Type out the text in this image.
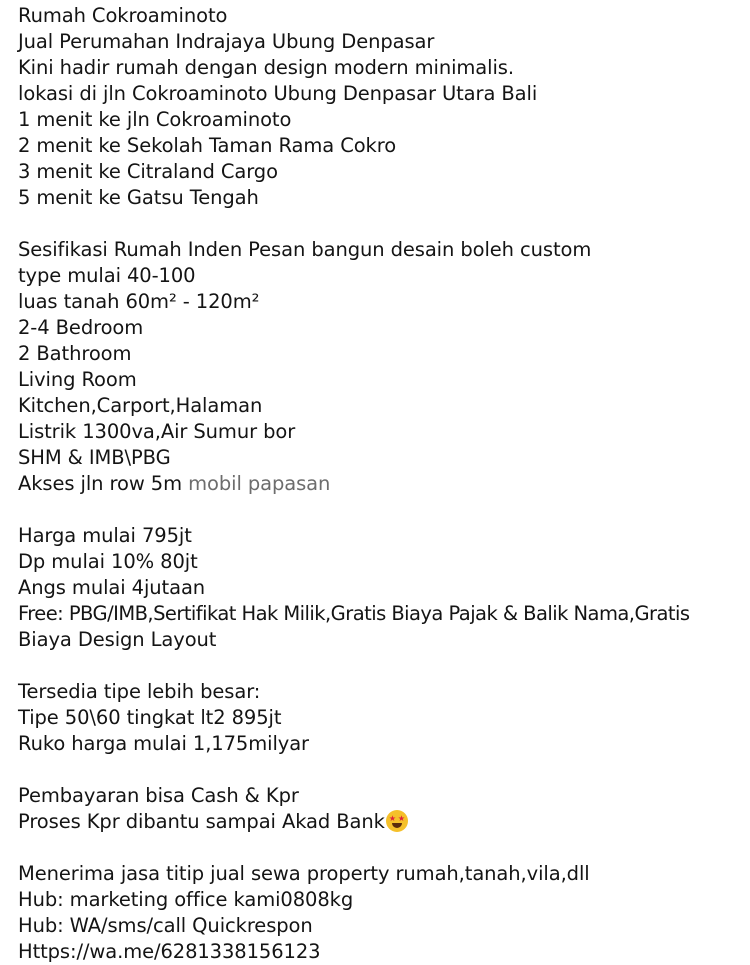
Rumah Cokroaminoto
Jual Perumahan Indrajaya Ubung Denpasar
Kini hadir rumah dengan design modern minimalis.
lokasi di jln Cokroaminoto Ubung Denpasar Utara Bali
1 menit ke jln Cokroaminoto
2 menit ke Sekolah Taman Rama Cokro
3 menit ke Citraland Cargo
5 menit ke Gatsu Tengah
Sesifikasi Rumah Inden Pesan bangun desain boleh custom
type mulai 40-100
luas tanah 60m² - 120m²
2-4 Bedroom
2 Bathroom
Living Room
Kitchen,Carport,Halaman
Listrik 1300va,Air Sumur bor
SHM & IMB\PBG
Akses jln row 5m mobil papasan
Harga mulai 795jt
Dp mulai 10% 80jt
Angs mulai 4jutaan
Free: PBG/IMB,Sertifikat Hak Milik,Gratis Biaya Pajak & Balik Nama,Gratis
Biaya Design Layout
Tersedia tipe lebih besar:
Tipe 50\60 tingkat lt2 895jt
Ruko harga mulai 1,175milyar
Pembayaran bisa Cash & Kpr
Proses Kpr dibantu sampai Akad Bank ★ ★
Menerima jasa titip jual sewa property rumah,tanah,vila,dll
Hub: marketing office kami0808kg
Hub: WA/sms/call Quickrespon
Https://wa.me/6281338156123
